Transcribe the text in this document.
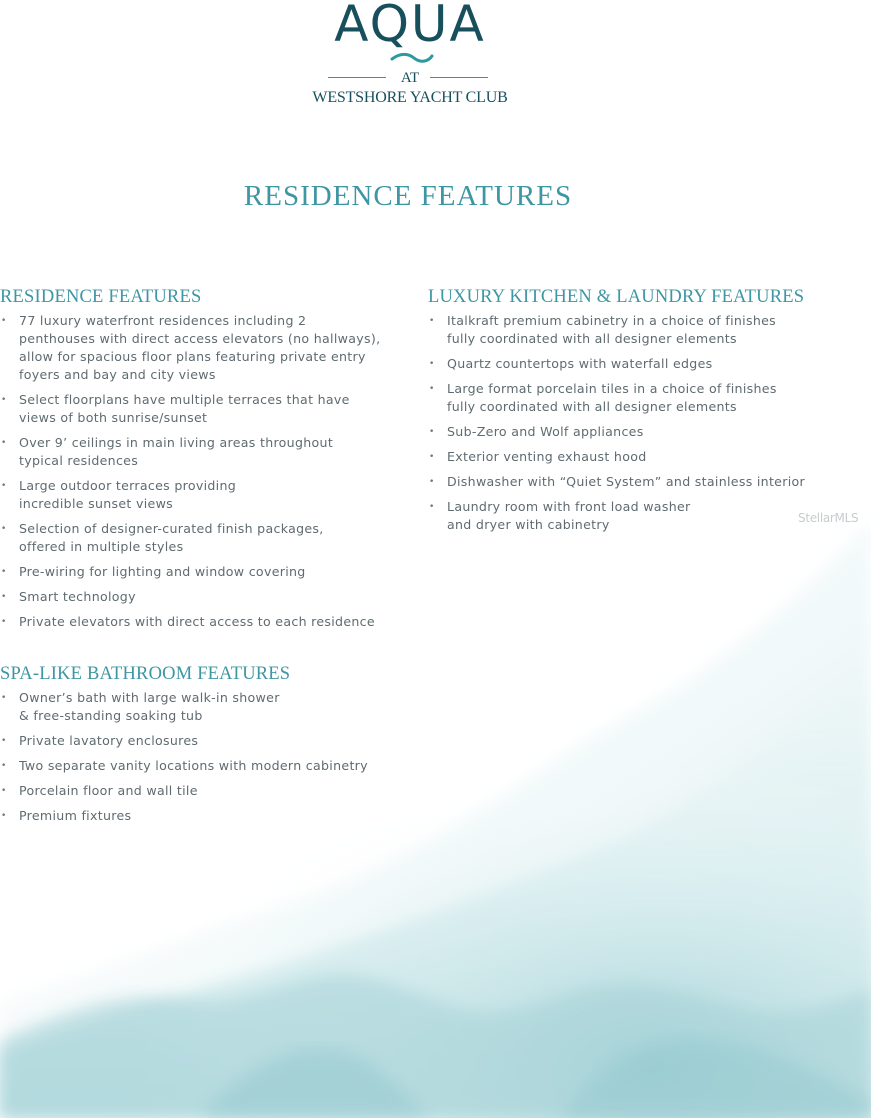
AQUA
AT
WESTSHORE YACHT CLUB
RESIDENCE FEATURES
RESIDENCE FEATURES
• 77 luxury waterfront residences including 2
penthouses with direct access elevators (no hallways),
allow for spacious floor plans featuring private entry
foyers and bay and city views
• Select floorplans have multiple terraces that have
views of both sunrise/sunset
• Over 9’ ceilings in main living areas throughout
typical residences
• Large outdoor terraces providing
incredible sunset views
• Selection of designer-curated finish packages,
offered in multiple styles
• Pre-wiring for lighting and window covering
• Smart technology
• Private elevators with direct access to each residence
LUXURY KITCHEN & LAUNDRY FEATURES
• Italkraft premium cabinetry in a choice of finishes
fully coordinated with all designer elements
• Quartz countertops with waterfall edges
• Large format porcelain tiles in a choice of finishes
fully coordinated with all designer elements
• Sub-Zero and Wolf appliances
• Exterior venting exhaust hood
• Dishwasher with “Quiet System” and stainless interior
• Laundry room with front load washer
and dryer with cabinetry
SPA-LIKE BATHROOM FEATURES
• Owner’s bath with large walk-in shower
& free-standing soaking tub
• Private lavatory enclosures
• Two separate vanity locations with modern cabinetry
• Porcelain floor and wall tile
• Premium fixtures
StellarMLS
